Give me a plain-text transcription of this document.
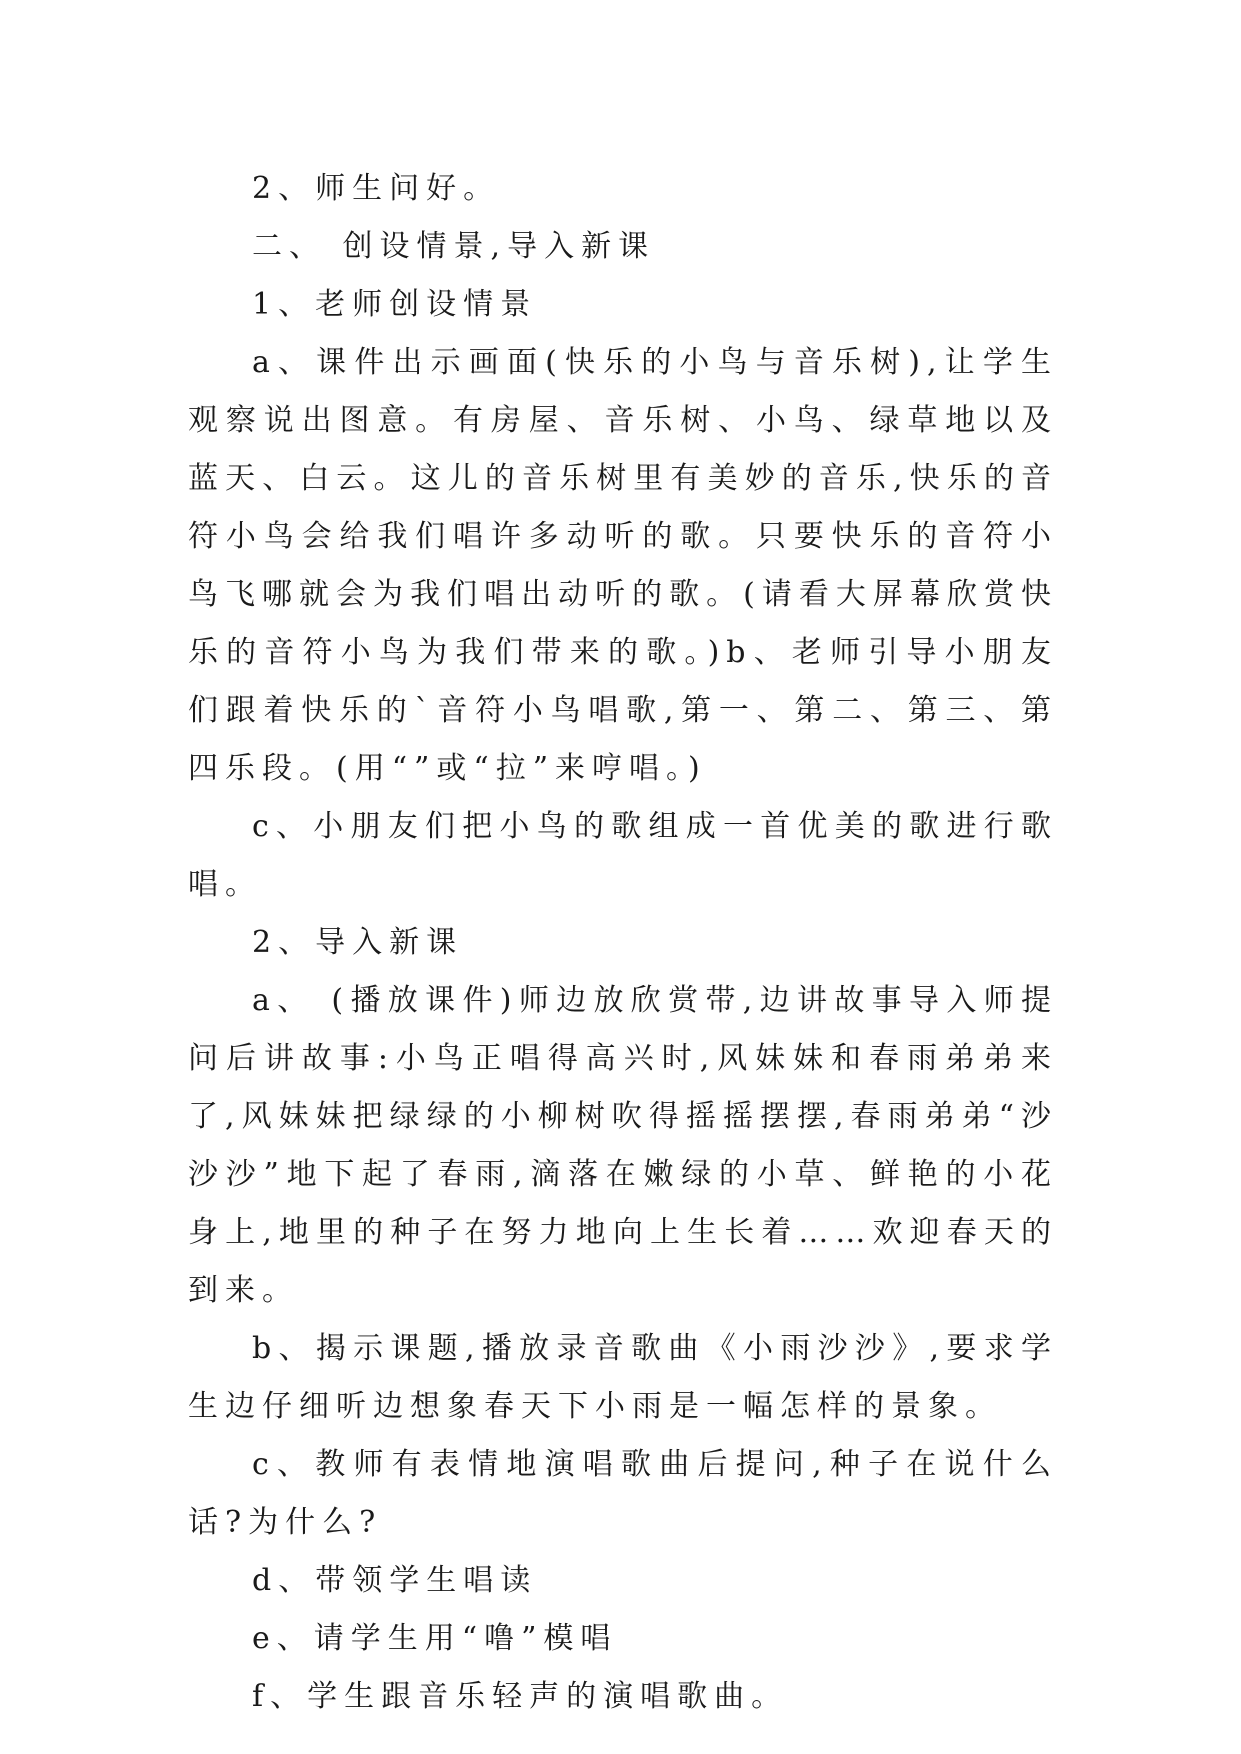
2、师生问好。

二、 创设情景,导入新课

1、老师创设情景

a、课件出示画面(快乐的小鸟与音乐树),让学生观察说出图意。有房屋、音乐树、小鸟、绿草地以及蓝天、白云。这儿的音乐树里有美妙的音乐,快乐的音符小鸟会给我们唱许多动听的歌。只要快乐的音符小鸟飞哪就会为我们唱出动听的歌。(请看大屏幕欣赏快乐的音符小鸟为我们带来的歌。)b、老师引导小朋友们跟着快乐的`音符小鸟唱歌,第一、第二、第三、第四乐段。(用“”或“拉”来哼唱。)

c、小朋友们把小鸟的歌组成一首优美的歌进行歌唱。

2、导入新课

a、 (播放课件)师边放欣赏带,边讲故事导入师提问后讲故事:小鸟正唱得高兴时,风妹妹和春雨弟弟来了,风妹妹把绿绿的小柳树吹得摇摇摆摆,春雨弟弟“沙沙沙”地下起了春雨,滴落在嫩绿的小草、鲜艳的小花身上,地里的种子在努力地向上生长着……欢迎春天的到来。

b、揭示课题,播放录音歌曲《小雨沙沙》,要求学生边仔细听边想象春天下小雨是一幅怎样的景象。

c、教师有表情地演唱歌曲后提问,种子在说什么话?为什么?

d、带领学生唱读

e、请学生用“噜”模唱

f、学生跟音乐轻声的演唱歌曲。
